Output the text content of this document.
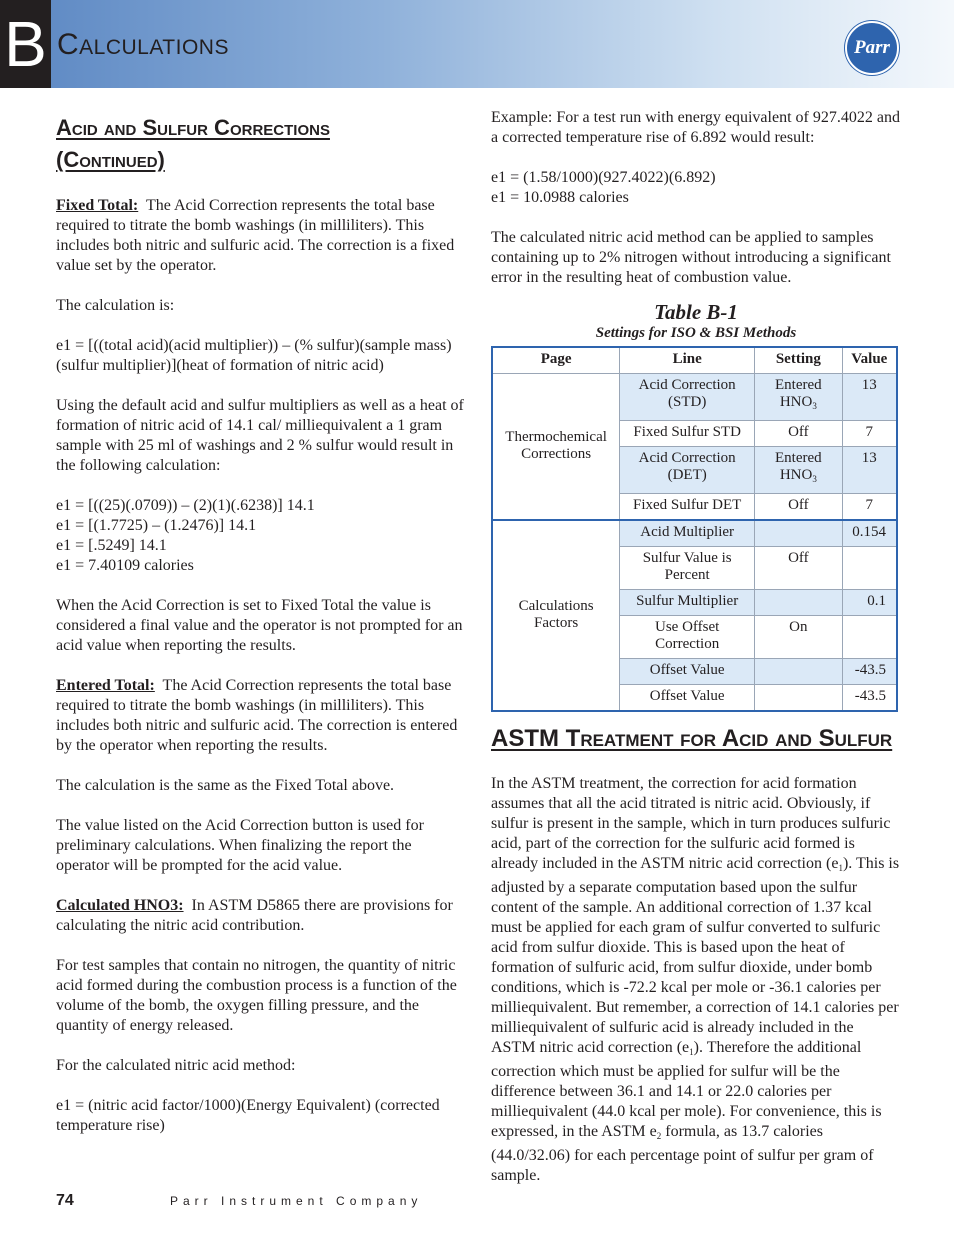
B Calculations	Parr
Acid and Sulfur Corrections
(Continued)

Fixed Total: The Acid Correction represents the total base required to titrate the bomb washings (in milliliters). This includes both nitric and sulfuric acid. The correction is a fixed value set by the operator.

The calculation is:

e1 = [((total acid)(acid multiplier)) – (% sulfur)(sample mass)(sulfur multiplier)](heat of formation of nitric acid)

Using the default acid and sulfur multipliers as well as a heat of formation of nitric acid of 14.1 cal/ milliequivalent a 1 gram sample with 25 ml of washings and 2 % sulfur would result in the following calculation:

e1 = [((25)(.0709)) – (2)(1)(.6238)] 14.1
e1 = [(1.7725) – (1.2476)] 14.1
e1 = [.5249] 14.1
e1 = 7.40109 calories

When the Acid Correction is set to Fixed Total the value is considered a final value and the operator is not prompted for an acid value when reporting the results.

Entered Total: The Acid Correction represents the total base required to titrate the bomb washings (in milliliters). This includes both nitric and sulfuric acid. The correction is entered by the operator when reporting the results.

The calculation is the same as the Fixed Total above.

The value listed on the Acid Correction button is used for preliminary calculations. When finalizing the report the operator will be prompted for the acid value.

Calculated HNO3: In ASTM D5865 there are provisions for calculating the nitric acid contribution.

For test samples that contain no nitrogen, the quantity of nitric acid formed during the combustion process is a function of the volume of the bomb, the oxygen filling pressure, and the quantity of energy released.

For the calculated nitric acid method:

e1 = (nitric acid factor/1000)(Energy Equivalent) (corrected temperature rise)

Example: For a test run with energy equivalent of 927.4022 and a corrected temperature rise of 6.892 would result:

e1 = (1.58/1000)(927.4022)(6.892)
e1 = 10.0988 calories

The calculated nitric acid method can be applied to samples containing up to 2% nitrogen without introducing a significant error in the resulting heat of combustion value.

Table B-1
Settings for ISO & BSI Methods
Page	Line	Setting	Value
Thermochemical Corrections	Acid Correction (STD)	Entered $HNO_3$	13
	Fixed Sulfur STD	Off	7
	Acid Correction (DET)	Entered $HNO_3$	13
	Fixed Sulfur DET	Off	7
Calculations Factors	Acid Multiplier		0.154
	Sulfur Value is Percent	Off	
	Sulfur Multiplier		0.1
	Use Offset Correction	On	
	Offset Value		-43.5
	Offset Value		-43.5
ASTM Treatment for Acid and Sulfur

In the ASTM treatment, the correction for acid formation assumes that all the acid titrated is nitric acid. Obviously, if sulfur is present in the sample, which in turn produces sulfuric acid, part of the correction for the sulfuric acid formed is already included in the ASTM nitric acid correction $(e_1)$. This is adjusted by a separate computation based upon the sulfur content of the sample. An additional correction of 1.37 kcal must be applied for each gram of sulfur converted to sulfuric acid from sulfur dioxide. This is based upon the heat of formation of sulfuric acid, from sulfur dioxide, under bomb conditions, which is -72.2 kcal per mole or -36.1 calories per milliequivalent. But remember, a correction of 14.1 calories per milliequivalent of sulfuric acid is already included in the ASTM nitric acid correction $(e_1)$. Therefore the additional correction which must be applied for sulfur will be the difference between 36.1 and 14.1 or 22.0 calories per milliequivalent (44.0 kcal per mole). For convenience, this is expressed, in the ASTM $e_2$ formula, as 13.7 calories (44.0/32.06) for each percentage point of sulfur per gram of sample.

74	Parr Instrument Company
